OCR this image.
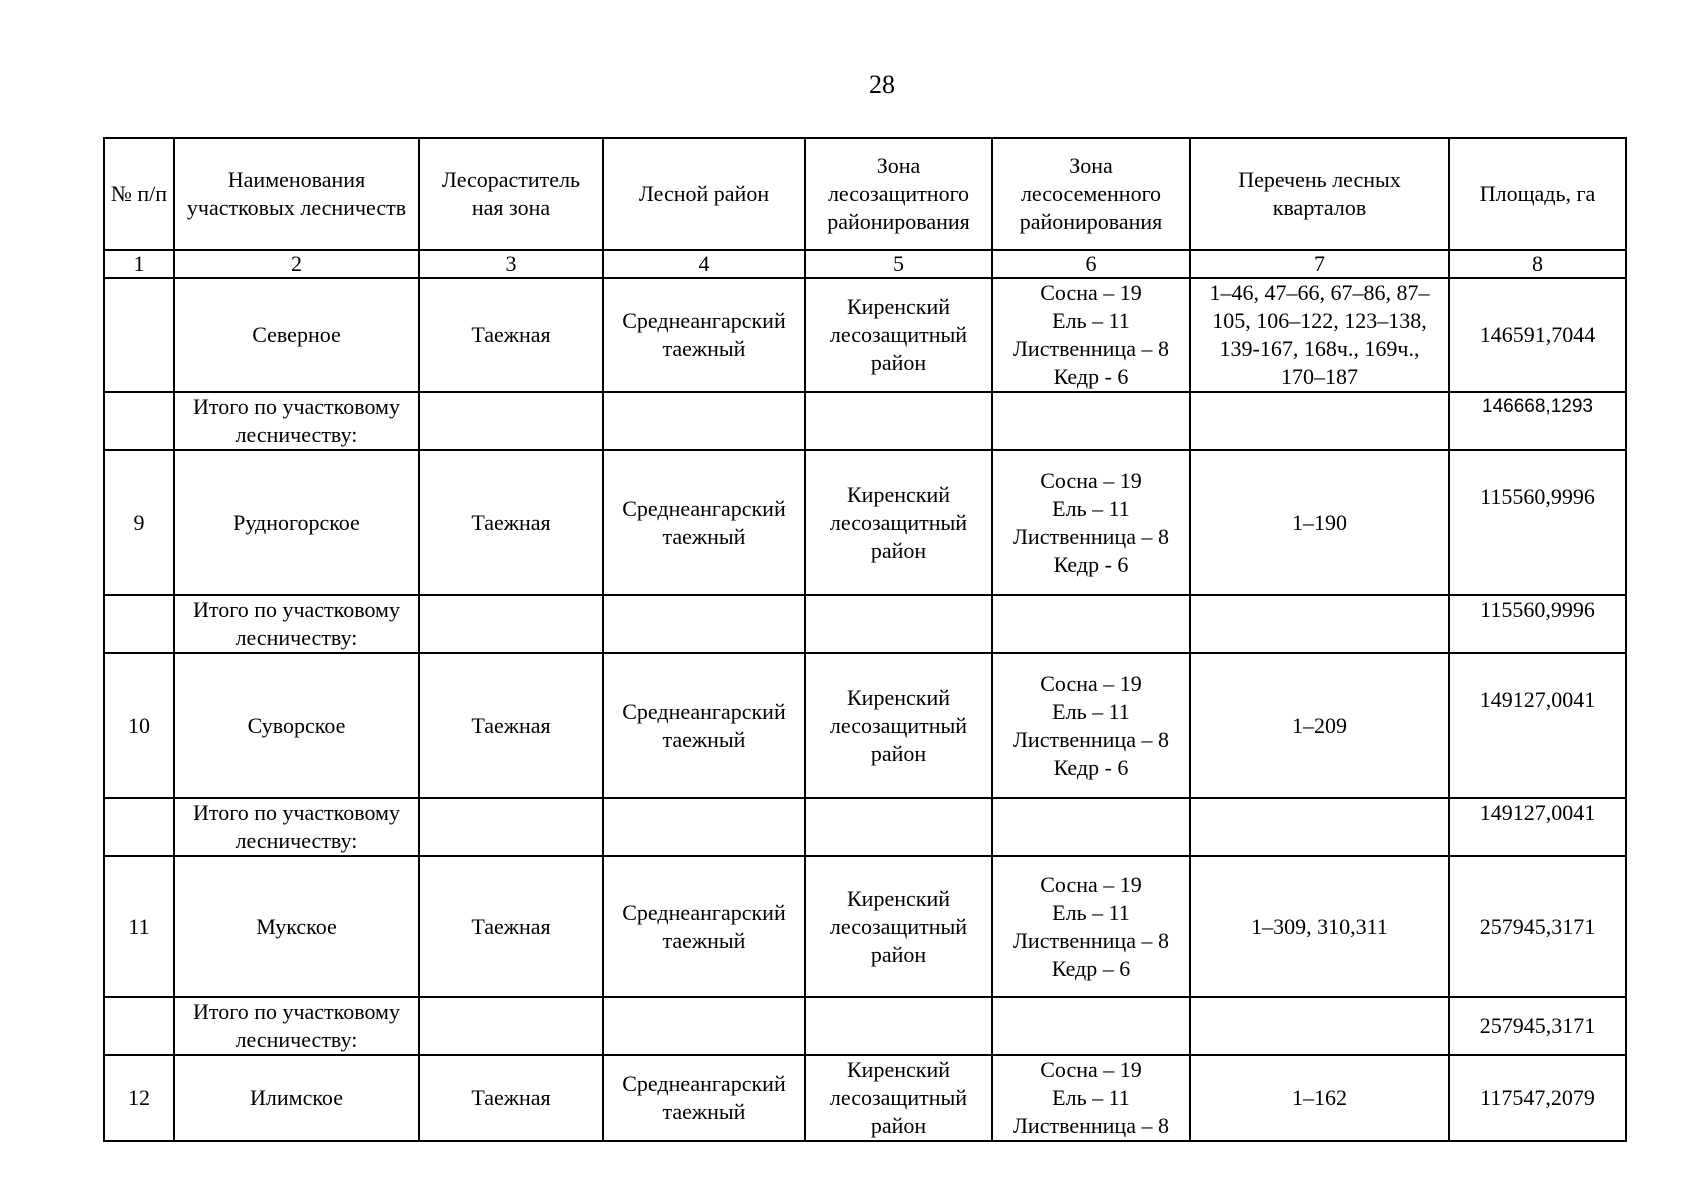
28
№ п/п	Наименования участковых лесничеств	Лесораститель ная зона	Лесной район	Зона лесозащитного районирования	Зона лесосеменного районирования	Перечень лесных кварталов	Площадь, га
1	2	3	4	5	6	7	8
	Северное	Таежная	Среднеангарский таежный	Киренский лесозащитный район	Сосна – 19
Ель – 11
Лиственница – 8
Кедр - 6	1–46, 47–66, 67–86, 87–105, 106–122, 123–138, 139-167, 168ч., 169ч., 170–187	146591,7044
	Итого по участковому лесничеству:						146668,1293
9	Рудногорское	Таежная	Среднеангарский таежный	Киренский лесозащитный район	Сосна – 19
Ель – 11
Лиственница – 8
Кедр - 6	1–190	115560,9996
	Итого по участковому лесничеству:						115560,9996
10	Суворское	Таежная	Среднеангарский таежный	Киренский лесозащитный район	Сосна – 19
Ель – 11
Лиственница – 8
Кедр - 6	1–209	149127,0041
	Итого по участковому лесничеству:						149127,0041
11	Мукское	Таежная	Среднеангарский таежный	Киренский лесозащитный район	Сосна – 19
Ель – 11
Лиственница – 8
Кедр – 6	1–309, 310,311	257945,3171
	Итого по участковому лесничеству:						257945,3171
12	Илимское	Таежная	Среднеангарский таежный	Киренский лесозащитный район	Сосна – 19
Ель – 11
Лиственница – 8	1–162	117547,2079
